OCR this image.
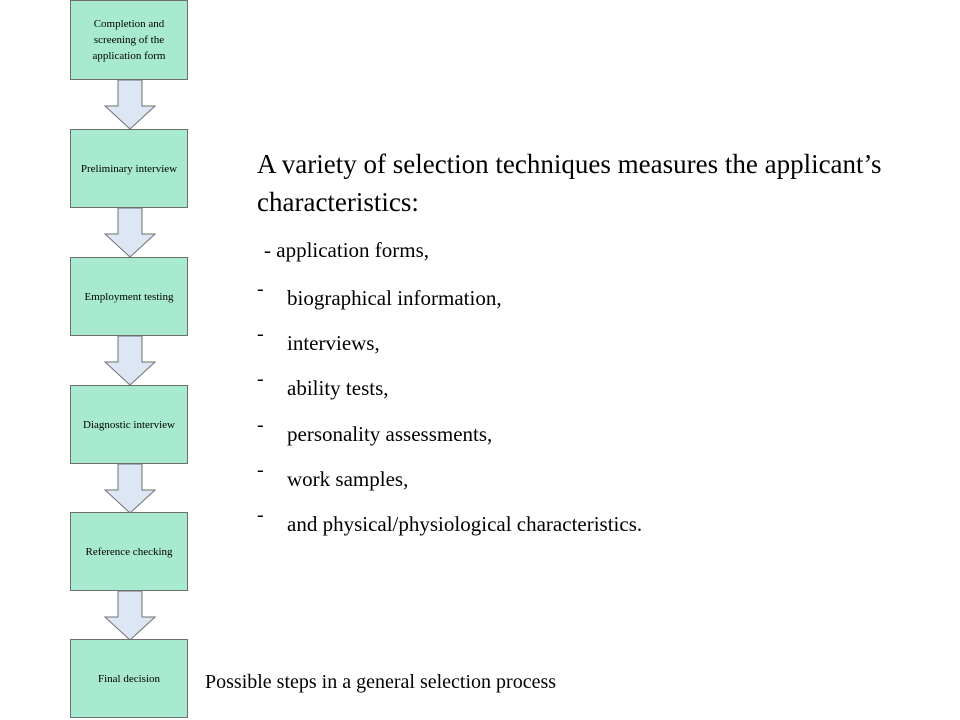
Completion and screening of the application form
Preliminary interview
Employment testing
Diagnostic interview
Reference checking
Final decision
A variety of selection techniques measures the applicant’s characteristics:
- application forms,
- biographical information,
- interviews,
- ability tests,
- personality assessments,
- work samples,
- and physical/physiological characteristics.
Possible steps in a general selection process
